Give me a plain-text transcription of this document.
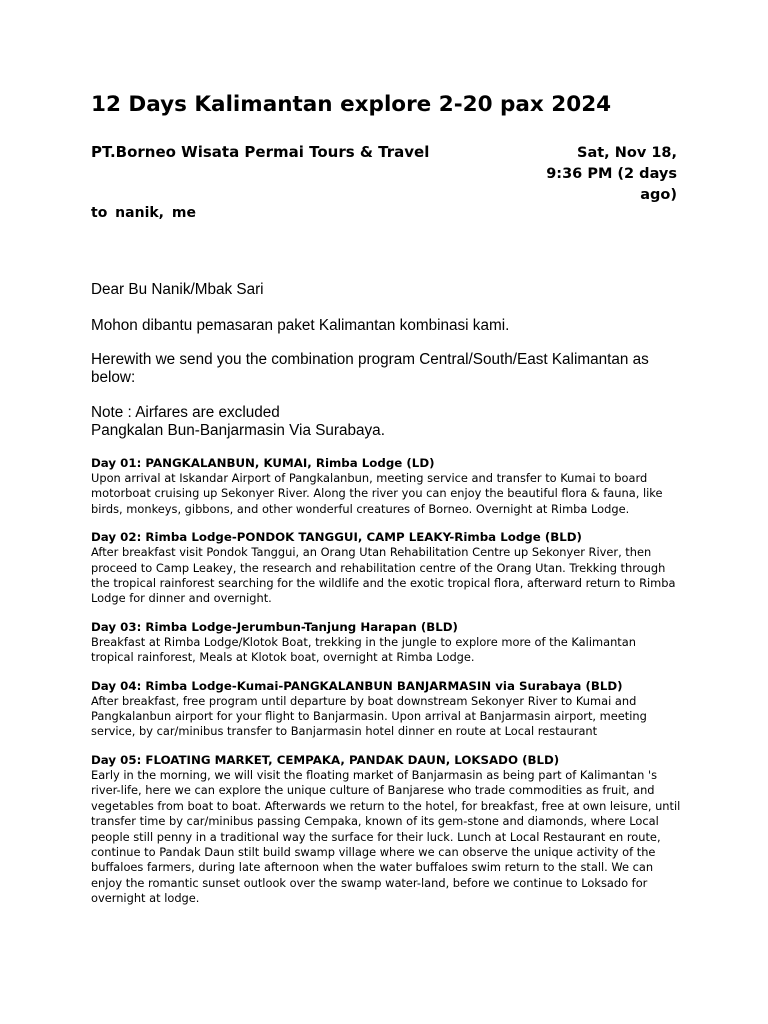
12 Days Kalimantan explore 2-20 pax 2024
PT.Borneo Wisata Permai Tours & Travel	Sat, Nov 18, 9:36 PM (2 days ago)
to nanik, me
Dear Bu Nanik/Mbak Sari
Mohon dibantu pemasaran paket Kalimantan kombinasi kami.
Herewith we send you the combination program Central/South/East Kalimantan as below:
Note : Airfares are excluded
Pangkalan Bun-Banjarmasin Via Surabaya.
Day 01: PANGKALANBUN, KUMAI, Rimba Lodge (LD)
Upon arrival at Iskandar Airport of Pangkalanbun, meeting service and transfer to Kumai to board motorboat cruising up Sekonyer River. Along the river you can enjoy the beautiful flora & fauna, like birds, monkeys, gibbons, and other wonderful creatures of Borneo. Overnight at Rimba Lodge.
Day 02: Rimba Lodge-PONDOK TANGGUI, CAMP LEAKY-Rimba Lodge (BLD)
After breakfast visit Pondok Tanggui, an Orang Utan Rehabilitation Centre up Sekonyer River, then proceed to Camp Leakey, the research and rehabilitation centre of the Orang Utan. Trekking through the tropical rainforest searching for the wildlife and the exotic tropical flora, afterward return to Rimba Lodge for dinner and overnight.
Day 03: Rimba Lodge-Jerumbun-Tanjung Harapan (BLD)
Breakfast at Rimba Lodge/Klotok Boat, trekking in the jungle to explore more of the Kalimantan tropical rainforest, Meals at Klotok boat, overnight at Rimba Lodge.
Day 04: Rimba Lodge-Kumai-PANGKALANBUN BANJARMASIN via Surabaya (BLD)
After breakfast, free program until departure by boat downstream Sekonyer River to Kumai and Pangkalanbun airport for your flight to Banjarmasin. Upon arrival at Banjarmasin airport, meeting service, by car/minibus transfer to Banjarmasin hotel dinner en route at Local restaurant
Day 05: FLOATING MARKET, CEMPAKA, PANDAK DAUN, LOKSADO (BLD)
Early in the morning, we will visit the floating market of Banjarmasin as being part of Kalimantan 's river-life, here we can explore the unique culture of Banjarese who trade commodities as fruit, and vegetables from boat to boat. Afterwards we return to the hotel, for breakfast, free at own leisure, until transfer time by car/minibus passing Cempaka, known of its gem-stone and diamonds, where Local people still penny in a traditional way the surface for their luck. Lunch at Local Restaurant en route, continue to Pandak Daun stilt build swamp village where we can observe the unique activity of the buffaloes farmers, during late afternoon when the water buffaloes swim return to the stall. We can enjoy the romantic sunset outlook over the swamp water-land, before we continue to Loksado for overnight at lodge.
